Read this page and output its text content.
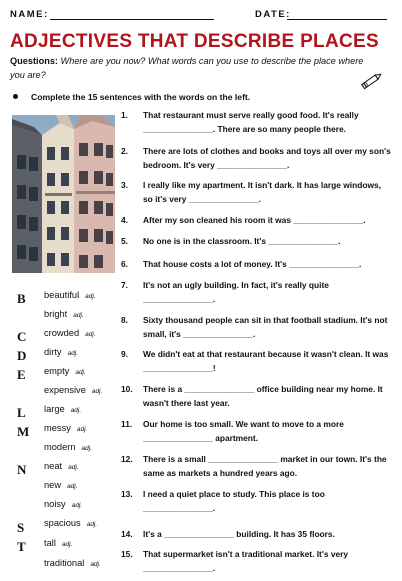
NAME:	DATE:
ADJECTIVES THAT DESCRIBE PLACES
Questions: Where are you now? What words can you use to describe the place where you are?
Complete the 15 sentences with the words on the left.
B
C
D
E
L
M
N
S
T
beautiful adj.
bright adj.
crowded adj.
dirty adj.
empty adj.
expensive adj.
large adj.
messy adj.
modern adj.
neat adj.
new adj.
noisy adj.
spacious adj.
tall adj.
traditional adj.
1. That restaurant must serve really good food. It's really _______________. There are so many people there.
2. There are lots of clothes and books and toys all over my son's bedroom. It's very _______________.
3. I really like my apartment. It isn't dark. It has large windows, so it's very _______________.
4. After my son cleaned his room it was _______________.
5. No one is in the classroom. It's _______________.
6. That house costs a lot of money. It's _______________.
7. It's not an ugly building. In fact, it's really quite _______________.
8. Sixty thousand people can sit in that football stadium. It's not small, it's _______________.
9. We didn't eat at that restaurant because it wasn't clean. It was _______________!
10. There is a _______________ office building near my home. It wasn't there last year.
11. Our home is too small. We want to move to a more _______________ apartment.
12. There is a small _______________ market in our town. It's the same as markets a hundred years ago.
13. I need a quiet place to study. This place is too _______________.
14. It's a _______________ building. It has 35 floors.
15. That supermarket isn't a traditional market. It's very _______________.
